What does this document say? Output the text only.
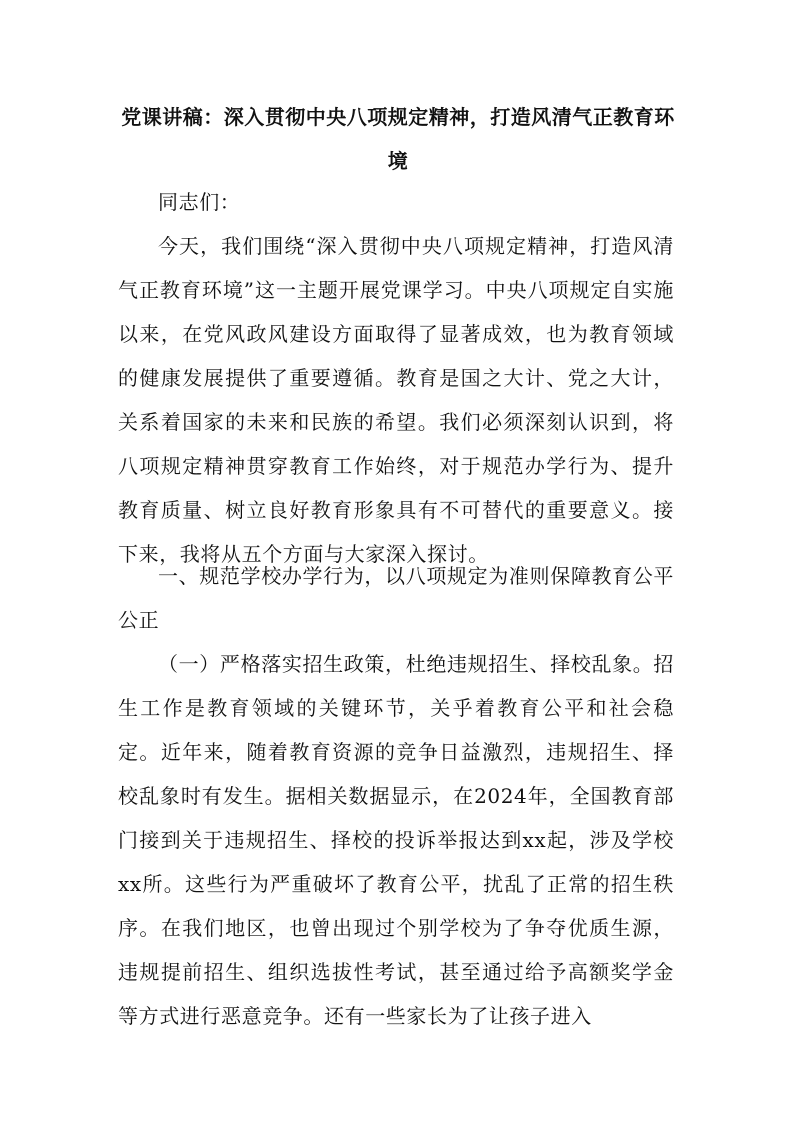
党课讲稿：深入贯彻中央八项规定精神，打造风清气正教育环境
同志们：
今天，我们围绕“深入贯彻中央八项规定精神，打造风清气正教育环境”这一主题开展党课学习。中央八项规定自实施以来，在党风政风建设方面取得了显著成效，也为教育领域的健康发展提供了重要遵循。教育是国之大计、党之大计，关系着国家的未来和民族的希望。我们必须深刻认识到，将八项规定精神贯穿教育工作始终，对于规范办学行为、提升教育质量、树立良好教育形象具有不可替代的重要意义。接下来，我将从五个方面与大家深入探讨。
一、规范学校办学行为，以八项规定为准则保障教育公平公正
（一）严格落实招生政策，杜绝违规招生、择校乱象。招生工作是教育领域的关键环节，关乎着教育公平和社会稳定。近年来，随着教育资源的竞争日益激烈，违规招生、择校乱象时有发生。据相关数据显示，在2024年，全国教育部门接到关于违规招生、择校的投诉举报达到xx起，涉及学校xx所。这些行为严重破坏了教育公平，扰乱了正常的招生秩序。在我们地区，也曾出现过个别学校为了争夺优质生源，违规提前招生、组织选拔性考试，甚至通过给予高额奖学金等方式进行恶意竞争。还有一些家长为了让孩子进入
